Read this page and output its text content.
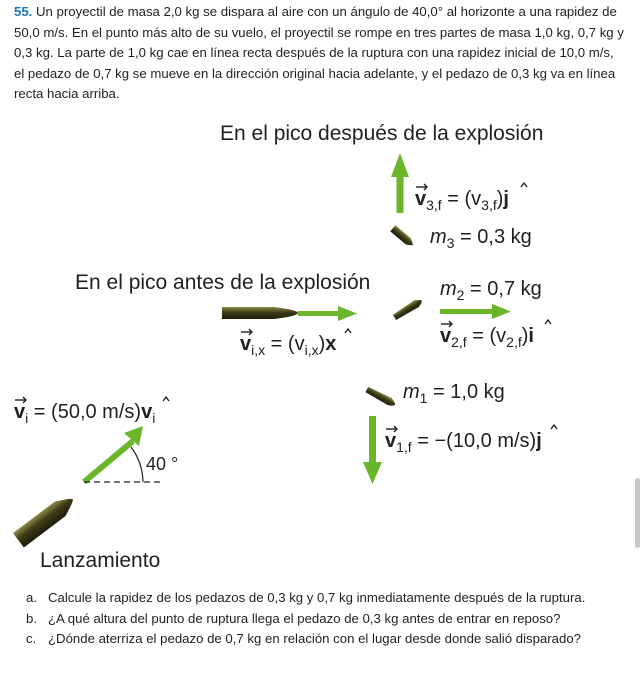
55. Un proyectil de masa 2,0 kg se dispara al aire con un ángulo de 40,0° al horizonte a una rapidez de 50,0 m/s. En el punto más alto de su vuelo, el proyectil se rompe en tres partes de masa 1,0 kg, 0,7 kg y 0,3 kg. La parte de 1,0 kg cae en línea recta después de la ruptura con una rapidez inicial de 10,0 m/s, el pedazo de 0,7 kg se mueve en la dirección original hacia adelante, y el pedazo de 0,3 kg va en línea recta hacia arriba.
En el pico después de la explosión
En el pico antes de la explosión
Lanzamiento
$v_{3,f} = (v_{3,f})j$
$m_3 = 0,3$ kg
$m_2 = 0,7$ kg
$v_{2,f} = (v_{2,f})i$
$v_{i,x} = (v_{i,x})x$
$m_1 = 1,0$ kg
$v_{1,f} = -(10,0$ m/s)j
$v_i = (50,0$ $m/s)v_i$
40 °
a. Calcule la rapidez de los pedazos de 0,3 kg y 0,7 kg inmediatamente después de la ruptura.
b. ¿A qué altura del punto de ruptura llega el pedazo de 0,3 kg antes de entrar en reposo?
c. ¿Dónde aterriza el pedazo de 0,7 kg en relación con el lugar desde donde salió disparado?
